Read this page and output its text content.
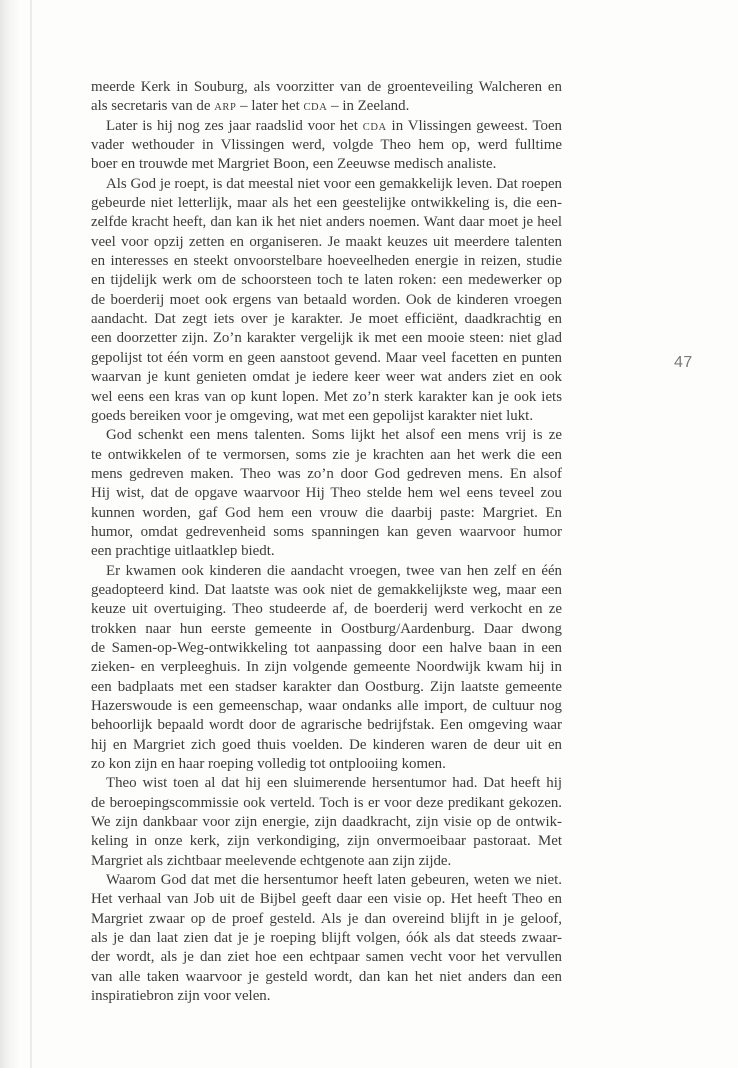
meerde Kerk in Souburg, als voorzitter van de groenteveiling Walcheren en
als secretaris van de ARP – later het CDA – in Zeeland.

Later is hij nog zes jaar raadslid voor het CDA in Vlissingen geweest. Toen
vader wethouder in Vlissingen werd, volgde Theo hem op, werd fulltime
boer en trouwde met Margriet Boon, een Zeeuwse medisch analiste.

Als God je roept, is dat meestal niet voor een gemakkelijk leven. Dat roepen
gebeurde niet letterlijk, maar als het een geestelijke ontwikkeling is, die een-
zelfde kracht heeft, dan kan ik het niet anders noemen. Want daar moet je heel
veel voor opzij zetten en organiseren. Je maakt keuzes uit meerdere talenten
en interesses en steekt onvoorstelbare hoeveelheden energie in reizen, studie
en tijdelijk werk om de schoorsteen toch te laten roken: een medewerker op
de boerderij moet ook ergens van betaald worden. Ook de kinderen vroegen
aandacht. Dat zegt iets over je karakter. Je moet efficiënt, daadkrachtig en
een doorzetter zijn. Zo’n karakter vergelijk ik met een mooie steen: niet glad
gepolijst tot één vorm en geen aanstoot gevend. Maar veel facetten en punten
waarvan je kunt genieten omdat je iedere keer weer wat anders ziet en ook
wel eens een kras van op kunt lopen. Met zo’n sterk karakter kan je ook iets
goeds bereiken voor je omgeving, wat met een gepolijst karakter niet lukt.

God schenkt een mens talenten. Soms lijkt het alsof een mens vrij is ze
te ontwikkelen of te vermorsen, soms zie je krachten aan het werk die een
mens gedreven maken. Theo was zo’n door God gedreven mens. En alsof
Hij wist, dat de opgave waarvoor Hij Theo stelde hem wel eens teveel zou
kunnen worden, gaf God hem een vrouw die daarbij paste: Margriet. En
humor, omdat gedrevenheid soms spanningen kan geven waarvoor humor
een prachtige uitlaatklep biedt.

Er kwamen ook kinderen die aandacht vroegen, twee van hen zelf en één
geadopteerd kind. Dat laatste was ook niet de gemakkelijkste weg, maar een
keuze uit overtuiging. Theo studeerde af, de boerderij werd verkocht en ze
trokken naar hun eerste gemeente in Oostburg/Aardenburg. Daar dwong
de Samen-op-Weg-ontwikkeling tot aanpassing door een halve baan in een
zieken- en verpleeghuis. In zijn volgende gemeente Noordwijk kwam hij in
een badplaats met een stadser karakter dan Oostburg. Zijn laatste gemeente
Hazerswoude is een gemeenschap, waar ondanks alle import, de cultuur nog
behoorlijk bepaald wordt door de agrarische bedrijfstak. Een omgeving waar
hij en Margriet zich goed thuis voelden. De kinderen waren de deur uit en
zo kon zijn en haar roeping volledig tot ontplooiing komen.

Theo wist toen al dat hij een sluimerende hersentumor had. Dat heeft hij
de beroepingscommissie ook verteld. Toch is er voor deze predikant gekozen.
We zijn dankbaar voor zijn energie, zijn daadkracht, zijn visie op de ontwik-
keling in onze kerk, zijn verkondiging, zijn onvermoeibaar pastoraat. Met
Margriet als zichtbaar meelevende echtgenote aan zijn zijde.

Waarom God dat met die hersentumor heeft laten gebeuren, weten we niet.
Het verhaal van Job uit de Bijbel geeft daar een visie op. Het heeft Theo en
Margriet zwaar op de proef gesteld. Als je dan overeind blijft in je geloof,
als je dan laat zien dat je je roeping blijft volgen, óók als dat steeds zwaar-
der wordt, als je dan ziet hoe een echtpaar samen vecht voor het vervullen
van alle taken waarvoor je gesteld wordt, dan kan het niet anders dan een
inspiratiebron zijn voor velen.

47
